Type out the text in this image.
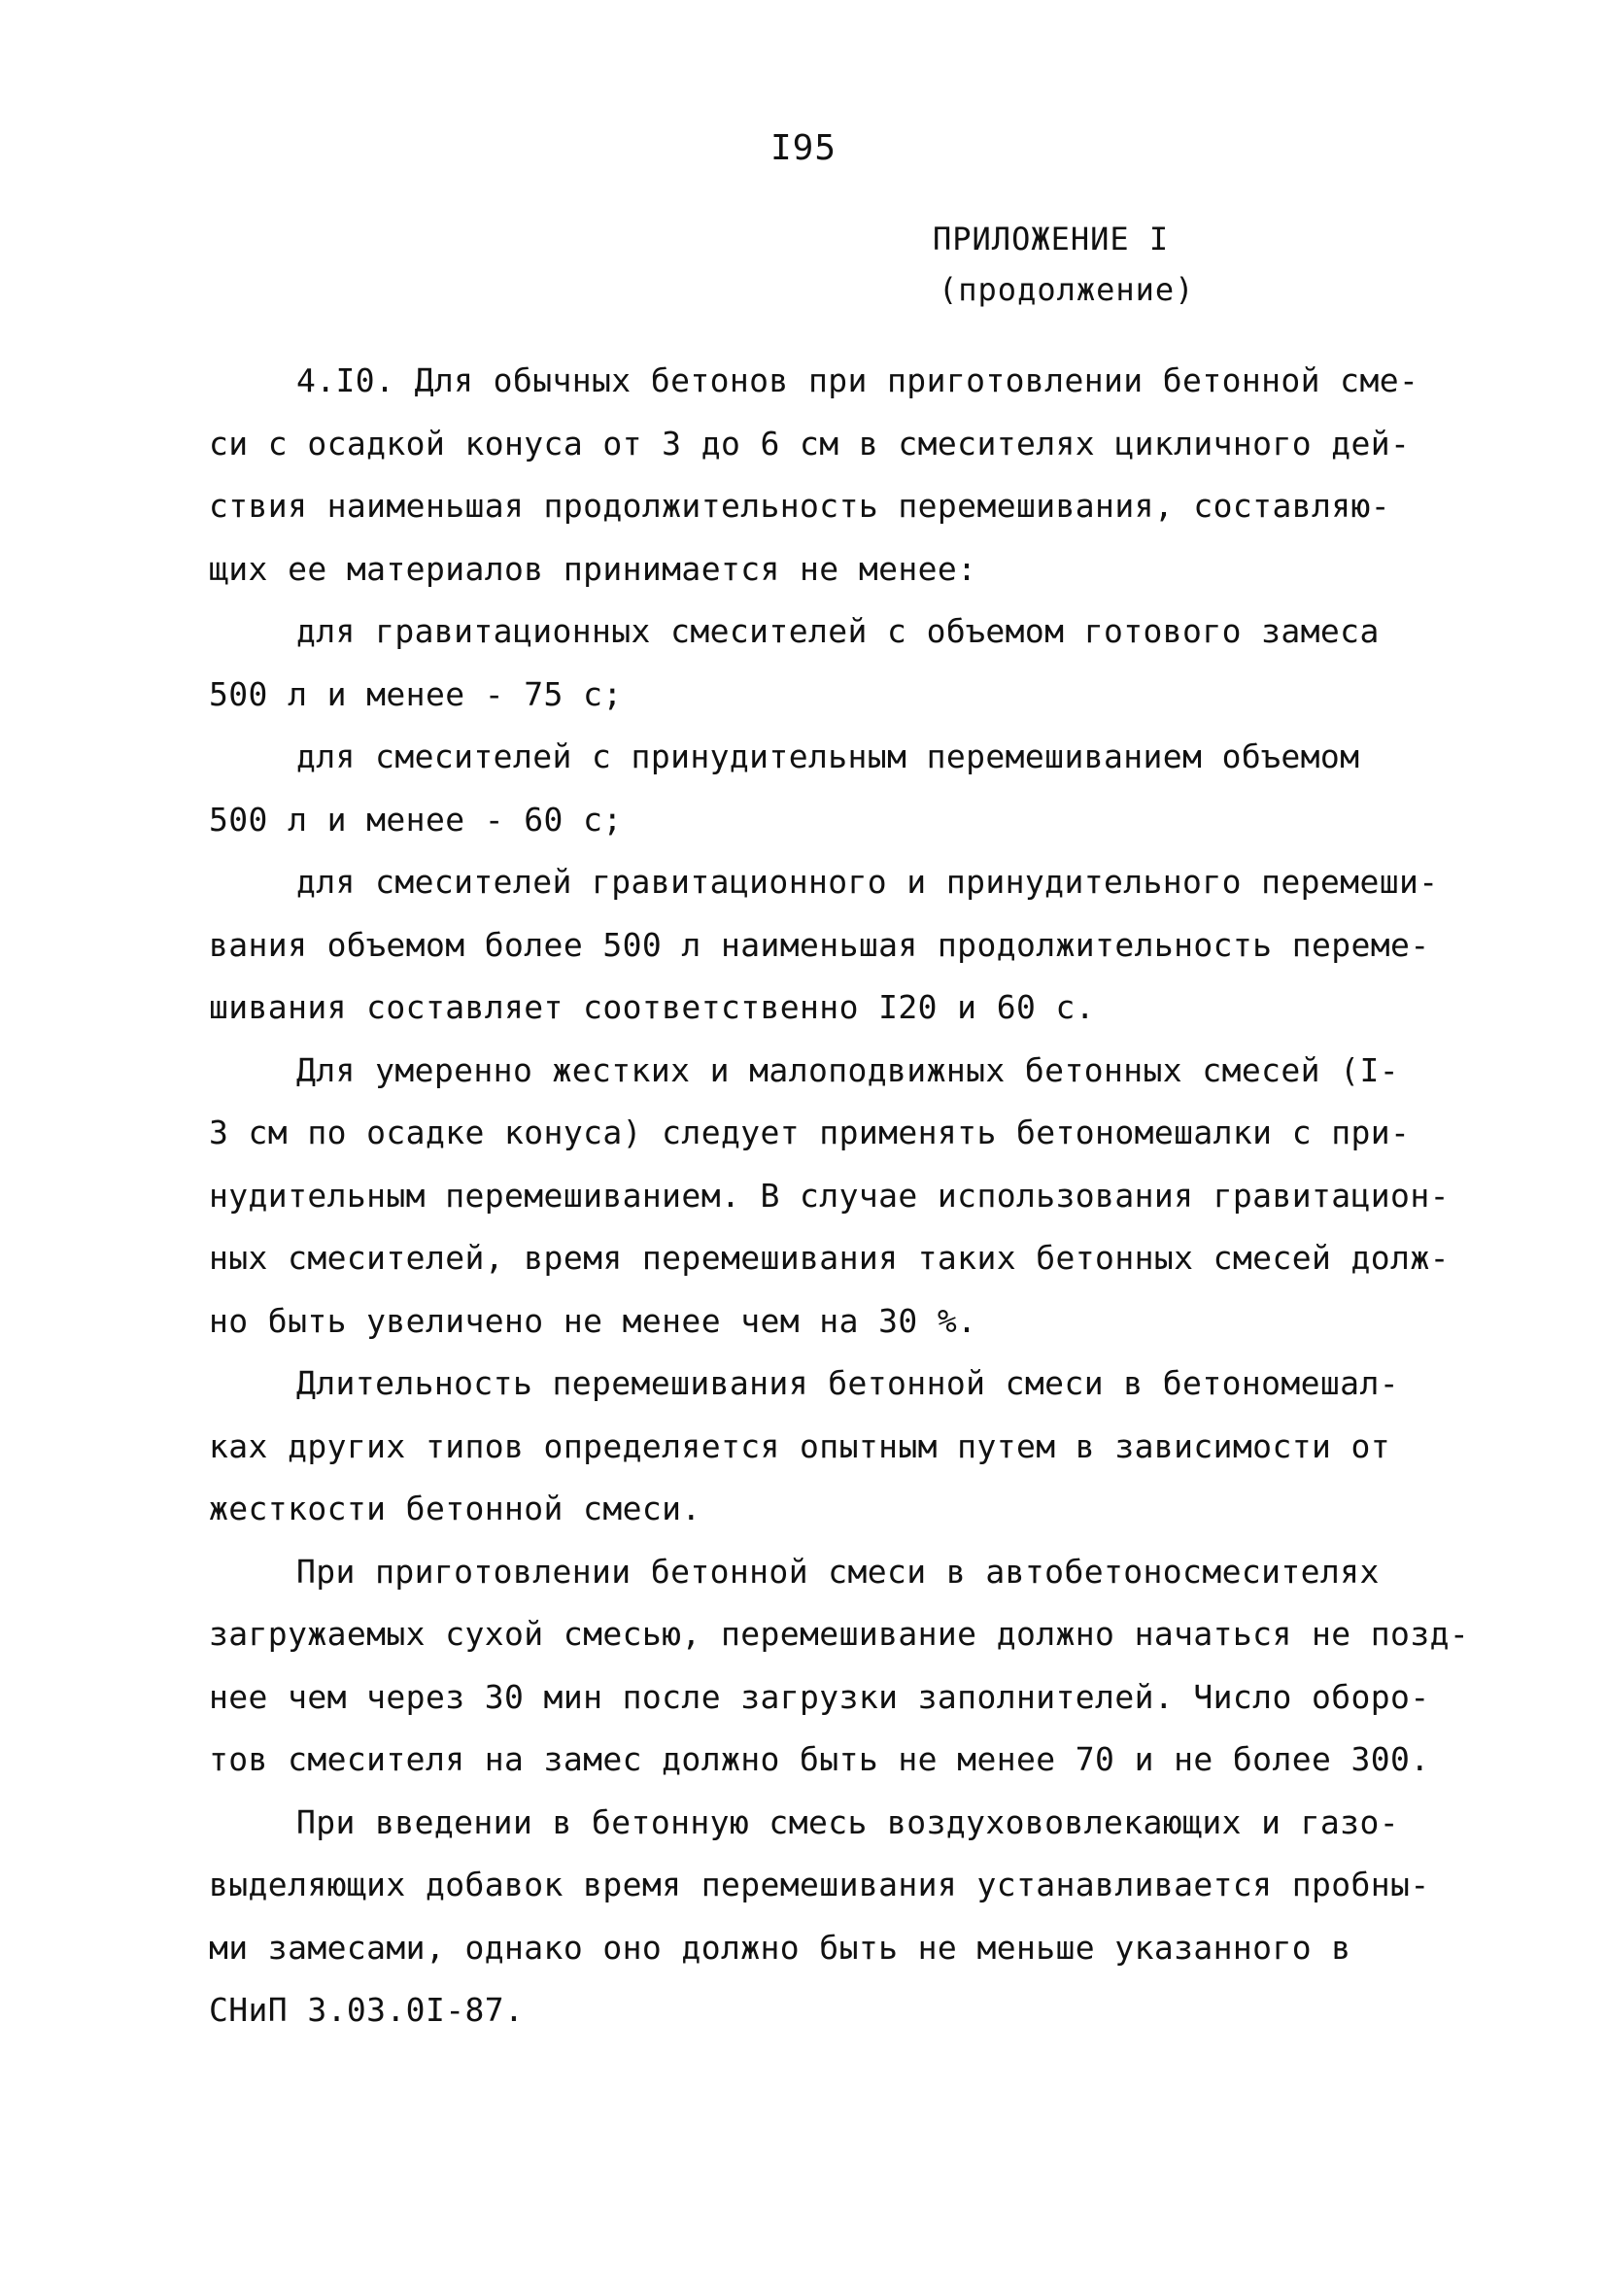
I95
ПРИЛОЖЕНИЕ I
(продолжение)

4.I0. Для обычных бетонов при приготовлении бетонной сме-
си с осадкой конуса от 3 до 6 см в смесителях цикличного дей-
ствия наименьшая продолжительность перемешивания, составляю-
щих ее материалов принимается не менее:

для гравитационных смесителей с объемом готового замеса
500 л и менее - 75 с;

для смесителей с принудительным перемешиванием объемом
500 л и менее - 60 с;

для смесителей гравитационного и принудительного перемеши-
вания объемом более 500 л наименьшая продолжительность переме-
шивания составляет соответственно I20 и 60 с.

Для умеренно жестких и малоподвижных бетонных смесей (I-
3 см по осадке конуса) следует применять бетономешалки с при-
нудительным перемешиванием. В случае использования гравитацион-
ных смесителей, время перемешивания таких бетонных смесей долж-
но быть увеличено не менее чем на 30 %.

Длительность перемешивания бетонной смеси в бетономешал-
ках других типов определяется опытным путем в зависимости от
жесткости бетонной смеси.

При приготовлении бетонной смеси в автобетоносмесителях
загружаемых сухой смесью, перемешивание должно начаться не позд-
нее чем через 30 мин после загрузки заполнителей. Число оборо-
тов смесителя на замес должно быть не менее 70 и не более 300.

При введении в бетонную смесь воздухововлекающих и газо-
выделяющих добавок время перемешивания устанавливается пробны-
ми замесами, однако оно должно быть не меньше указанного в
СНиП 3.03.0I-87.
